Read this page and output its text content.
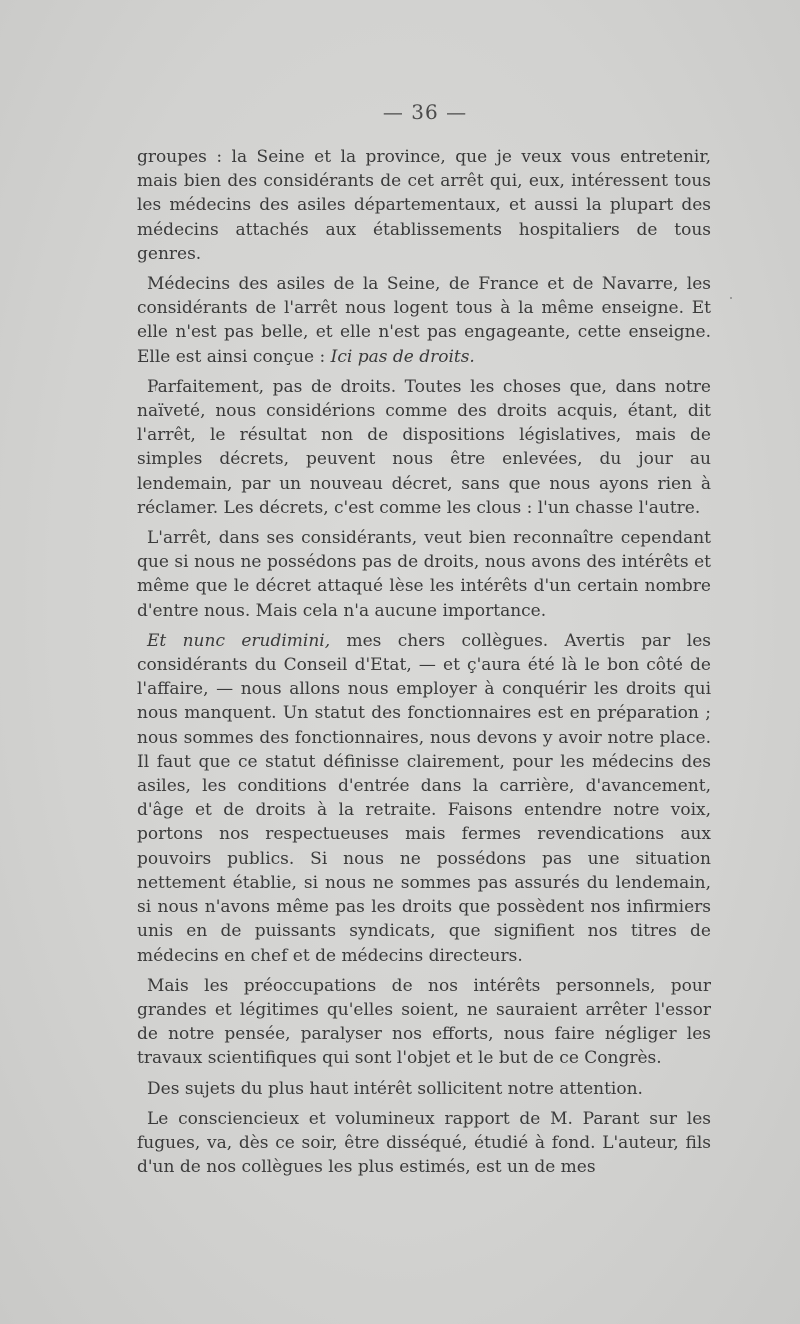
— 36 —

groupes : la Seine et la province, que je veux vous entretenir, mais bien des considérants de cet arrêt qui, eux, intéressent tous les médecins des asiles départementaux, et aussi la plupart des médecins attachés aux établissements hospitaliers de tous genres.

Médecins des asiles de la Seine, de France et de Navarre, les considérants de l'arrêt nous logent tous à la même enseigne. Et elle n'est pas belle, et elle n'est pas engageante, cette enseigne. Elle est ainsi conçue : Ici pas de droits.

Parfaitement, pas de droits. Toutes les choses que, dans notre naïveté, nous considérions comme des droits acquis, étant, dit l'arrêt, le résultat non de dispositions législatives, mais de simples décrets, peuvent nous être enlevées, du jour au lendemain, par un nouveau décret, sans que nous ayons rien à réclamer. Les décrets, c'est comme les clous : l'un chasse l'autre.

L'arrêt, dans ses considérants, veut bien reconnaître cependant que si nous ne possédons pas de droits, nous avons des intérêts et même que le décret attaqué lèse les intérêts d'un certain nombre d'entre nous. Mais cela n'a aucune importance.

Et nunc erudimini, mes chers collègues. Avertis par les considérants du Conseil d'Etat, — et ç'aura été là le bon côté de l'affaire, — nous allons nous employer à conquérir les droits qui nous manquent. Un statut des fonctionnaires est en préparation ; nous sommes des fonctionnaires, nous devons y avoir notre place. Il faut que ce statut définisse clairement, pour les médecins des asiles, les conditions d'entrée dans la carrière, d'avancement, d'âge et de droits à la retraite. Faisons entendre notre voix, portons nos respectueuses mais fermes revendications aux pouvoirs publics. Si nous ne possédons pas une situation nettement établie, si nous ne sommes pas assurés du lendemain, si nous n'avons même pas les droits que possèdent nos infirmiers unis en de puissants syndicats, que signifient nos titres de médecins en chef et de médecins directeurs.

Mais les préoccupations de nos intérêts personnels, pour grandes et légitimes qu'elles soient, ne sauraient arrêter l'essor de notre pensée, paralyser nos efforts, nous faire négliger les travaux scientifiques qui sont l'objet et le but de ce Congrès.

Des sujets du plus haut intérêt sollicitent notre attention.

Le consciencieux et volumineux rapport de M. Parant sur les fugues, va, dès ce soir, être disséqué, étudié à fond. L'auteur, fils d'un de nos collègues les plus estimés, est un de mes
